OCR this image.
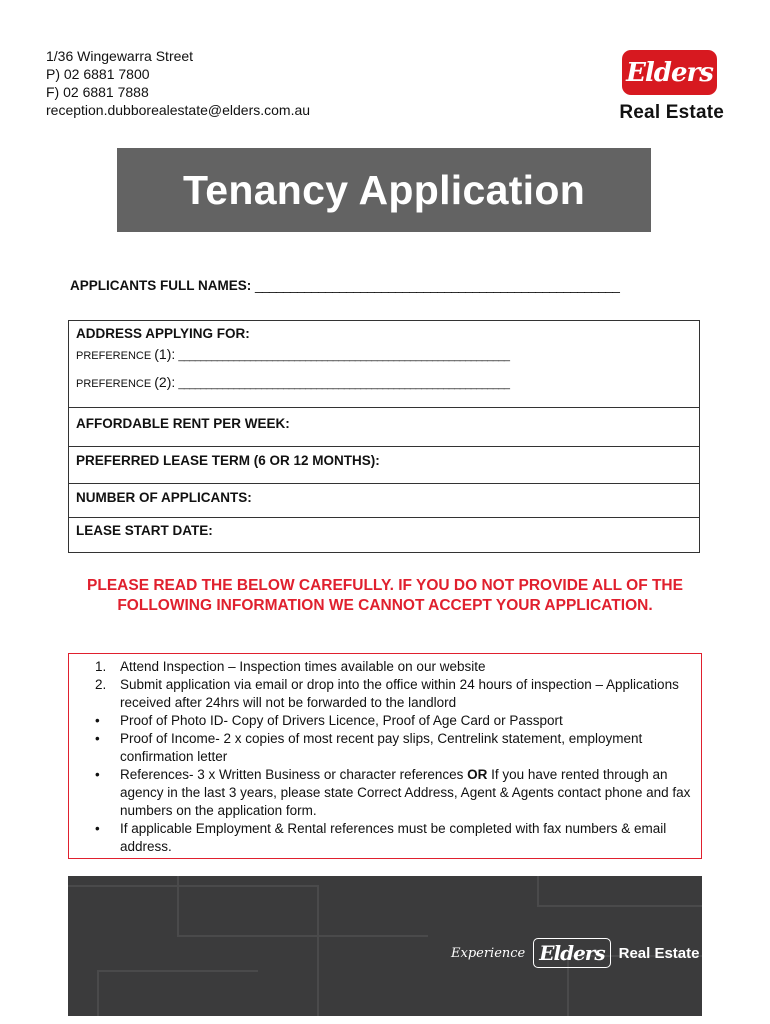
1/36 Wingewarra Street
P) 02 6881 7800
F) 02 6881 7888
reception.dubborealestate@elders.com.au
Elders
Real Estate
Tenancy Application
APPLICANTS FULL NAMES: ____________________________________________________
ADDRESS APPLYING FOR:
PREFERENCE (1): ____________________________________________________________
PREFERENCE (2): ____________________________________________________________
AFFORDABLE RENT PER WEEK:
PREFERRED LEASE TERM (6 OR 12 MONTHS):
NUMBER OF APPLICANTS:
LEASE START DATE:
PLEASE READ THE BELOW CAREFULLY. IF YOU DO NOT PROVIDE ALL OF THE
FOLLOWING INFORMATION WE CANNOT ACCEPT YOUR APPLICATION.
1.	Attend Inspection – Inspection times available on our website
2.	Submit application via email or drop into the office within 24 hours of inspection – Applications received after 24hrs will not be forwarded to the landlord
•	Proof of Photo ID- Copy of Drivers Licence, Proof of Age Card or Passport
•	Proof of Income- 2 x copies of most recent pay slips, Centrelink statement, employment confirmation letter
•	References- 3 x Written Business or character references OR If you have rented through an agency in the last 3 years, please state Correct Address, Agent & Agents contact phone and fax numbers on the application form.
•	If applicable Employment & Rental references must be completed with fax numbers & email address.
Experience Elders Real Estate
